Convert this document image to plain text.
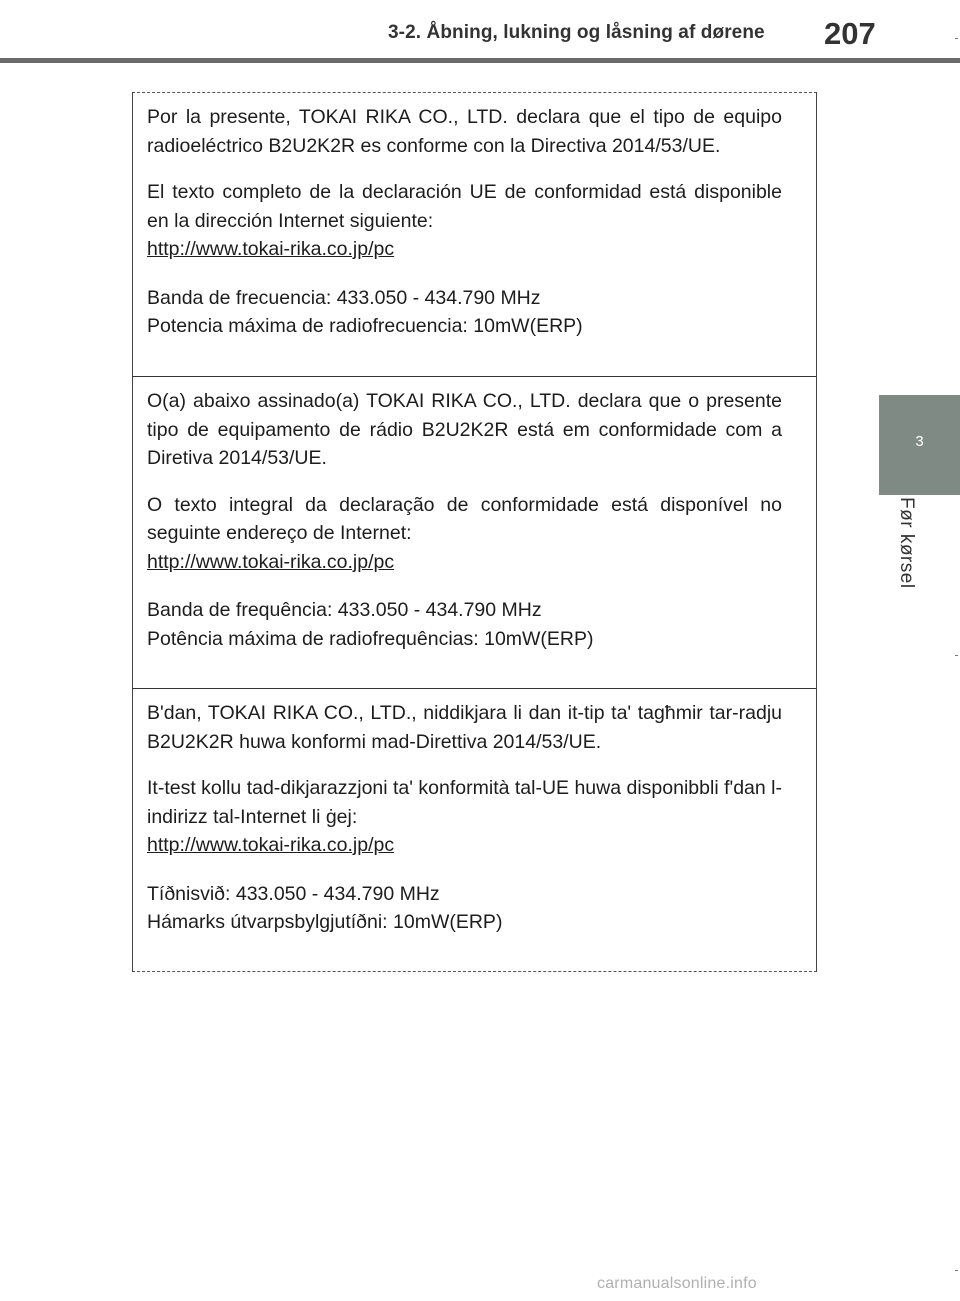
3-2. Åbning, lukning og låsning af dørene 207
3
Før kørsel

Por la presente, TOKAI RIKA CO., LTD. declara que el tipo de equipo radioeléctrico B2U2K2R es conforme con la Directiva 2014/53/UE.

El texto completo de la declaración UE de conformidad está disponible en la dirección Internet siguiente:

http://www.tokai-rika.co.jp/pc

Banda de frecuencia: 433.050 - 434.790 MHz

Potencia máxima de radiofrecuencia: 10mW(ERP)

O(a) abaixo assinado(a) TOKAI RIKA CO., LTD. declara que o presente tipo de equipamento de rádio B2U2K2R está em conformidade com a Diretiva 2014/53/UE.

O texto integral da declaração de conformidade está disponível no seguinte endereço de Internet:

http://www.tokai-rika.co.jp/pc

Banda de frequência: 433.050 - 434.790 MHz

Potência máxima de radiofrequências: 10mW(ERP)

B'dan, TOKAI RIKA CO., LTD., niddikjara li dan it-tip ta' tagħmir tar-radju B2U2K2R huwa konformi mad-Direttiva 2014/53/UE.

It-test kollu tad-dikjarazzjoni ta' konformità tal-UE huwa disponibbli f'dan l-indirizz tal-Internet li ġej:

http://www.tokai-rika.co.jp/pc

Tíðnisvið: 433.050 - 434.790 MHz

Hámarks útvarpsbylgjutíðni: 10mW(ERP)

carmanualsonline.info
